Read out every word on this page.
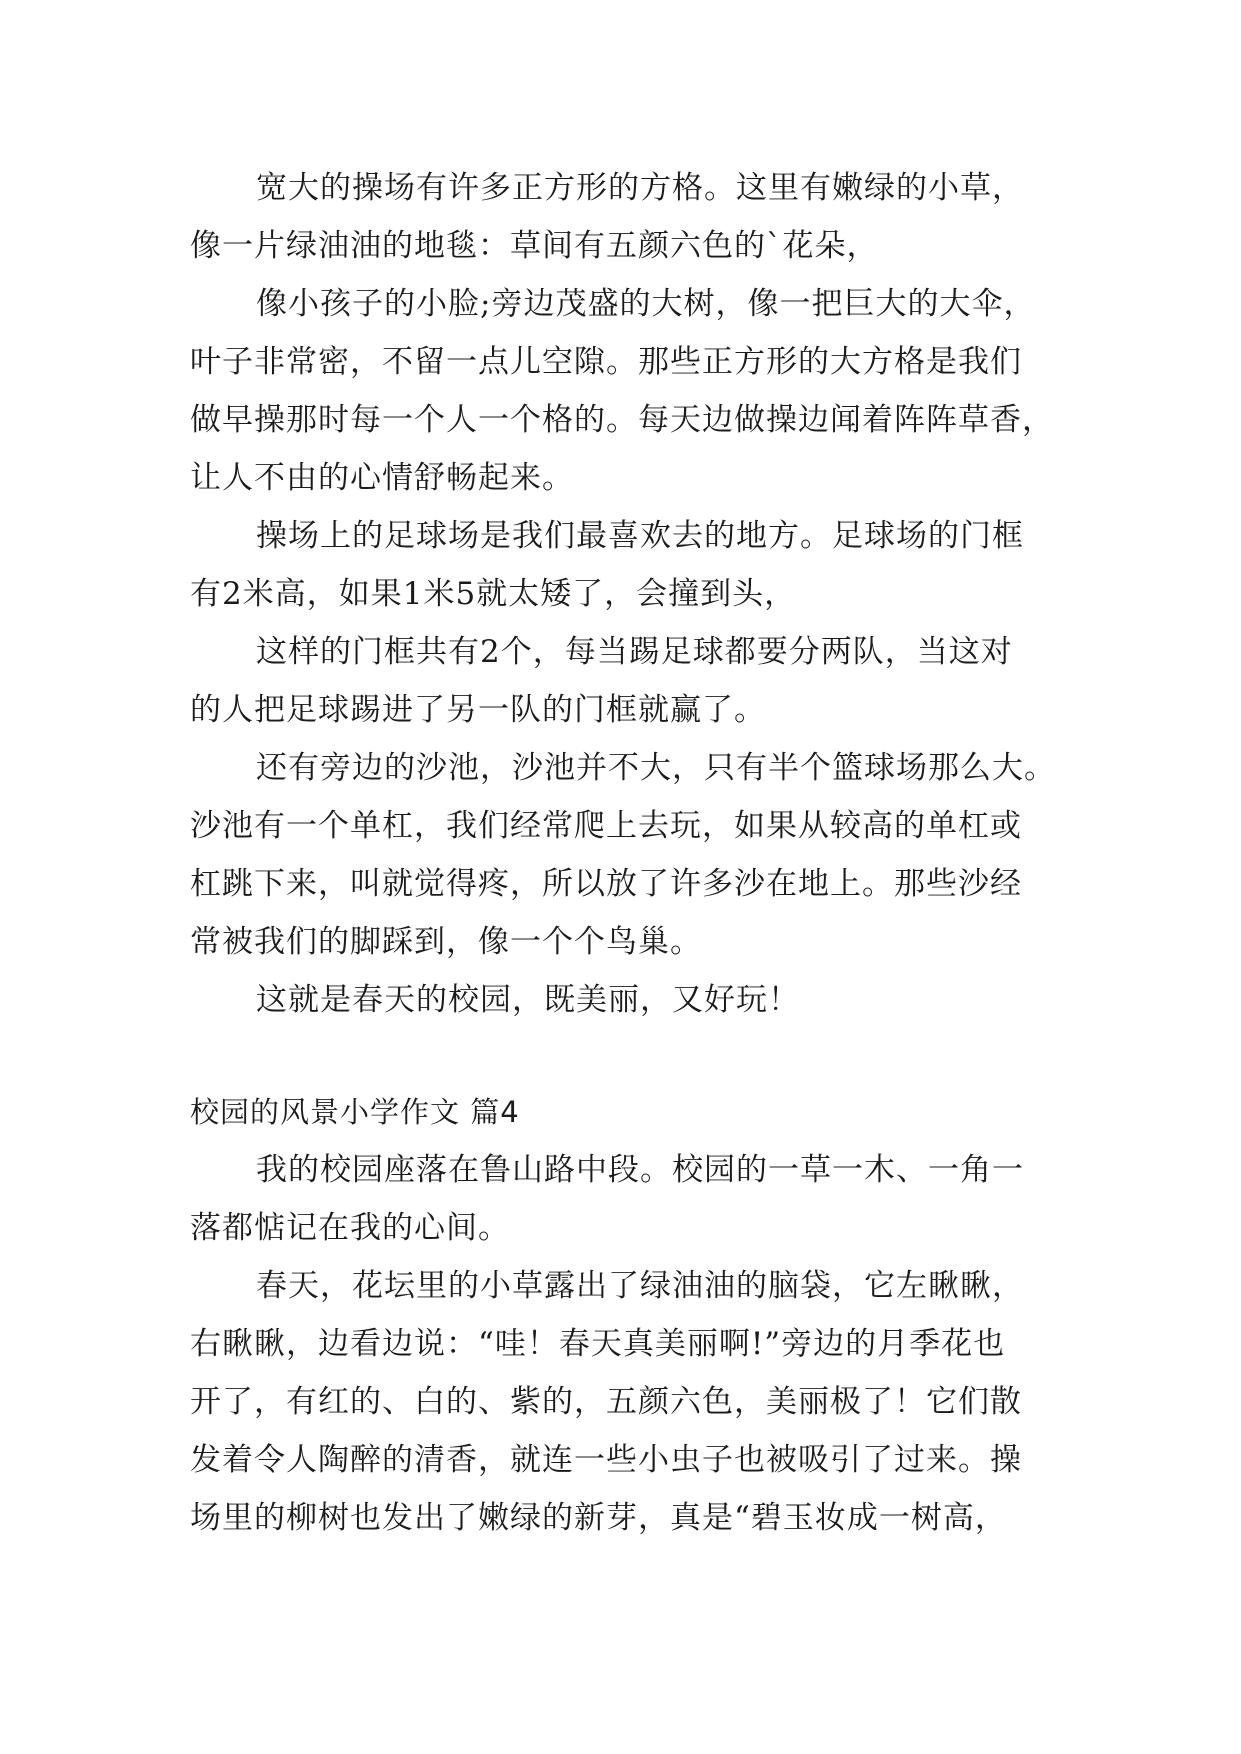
宽大的操场有许多正方形的方格。这里有嫩绿的小草，
像一片绿油油的地毯：草间有五颜六色的`花朵，
像小孩子的小脸;旁边茂盛的大树，像一把巨大的大伞，
叶子非常密，不留一点儿空隙。那些正方形的大方格是我们
做早操那时每一个人一个格的。每天边做操边闻着阵阵草香，
让人不由的心情舒畅起来。
操场上的足球场是我们最喜欢去的地方。足球场的门框
有2米高，如果1米5就太矮了，会撞到头，
这样的门框共有2个，每当踢足球都要分两队，当这对
的人把足球踢进了另一队的门框就赢了。
还有旁边的沙池，沙池并不大，只有半个篮球场那么大。
沙池有一个单杠，我们经常爬上去玩，如果从较高的单杠或
杠跳下来，叫就觉得疼，所以放了许多沙在地上。那些沙经
常被我们的脚踩到，像一个个鸟巢。
这就是春天的校园，既美丽，又好玩！
校园的风景小学作文 篇4
我的校园座落在鲁山路中段。校园的一草一木、一角一
落都惦记在我的心间。
春天，花坛里的小草露出了绿油油的脑袋，它左瞅瞅，
右瞅瞅，边看边说：“哇！春天真美丽啊!”旁边的月季花也
开了，有红的、白的、紫的，五颜六色，美丽极了！它们散
发着令人陶醉的清香，就连一些小虫子也被吸引了过来。操
场里的柳树也发出了嫩绿的新芽，真是“碧玉妆成一树高，
